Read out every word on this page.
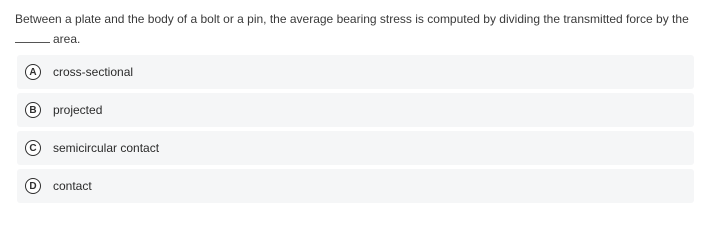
Between a plate and the body of a bolt or a pin, the average bearing stress is computed by dividing the transmitted force by the
area.
A	cross-sectional
B	projected
C	semicircular contact
D	contact
